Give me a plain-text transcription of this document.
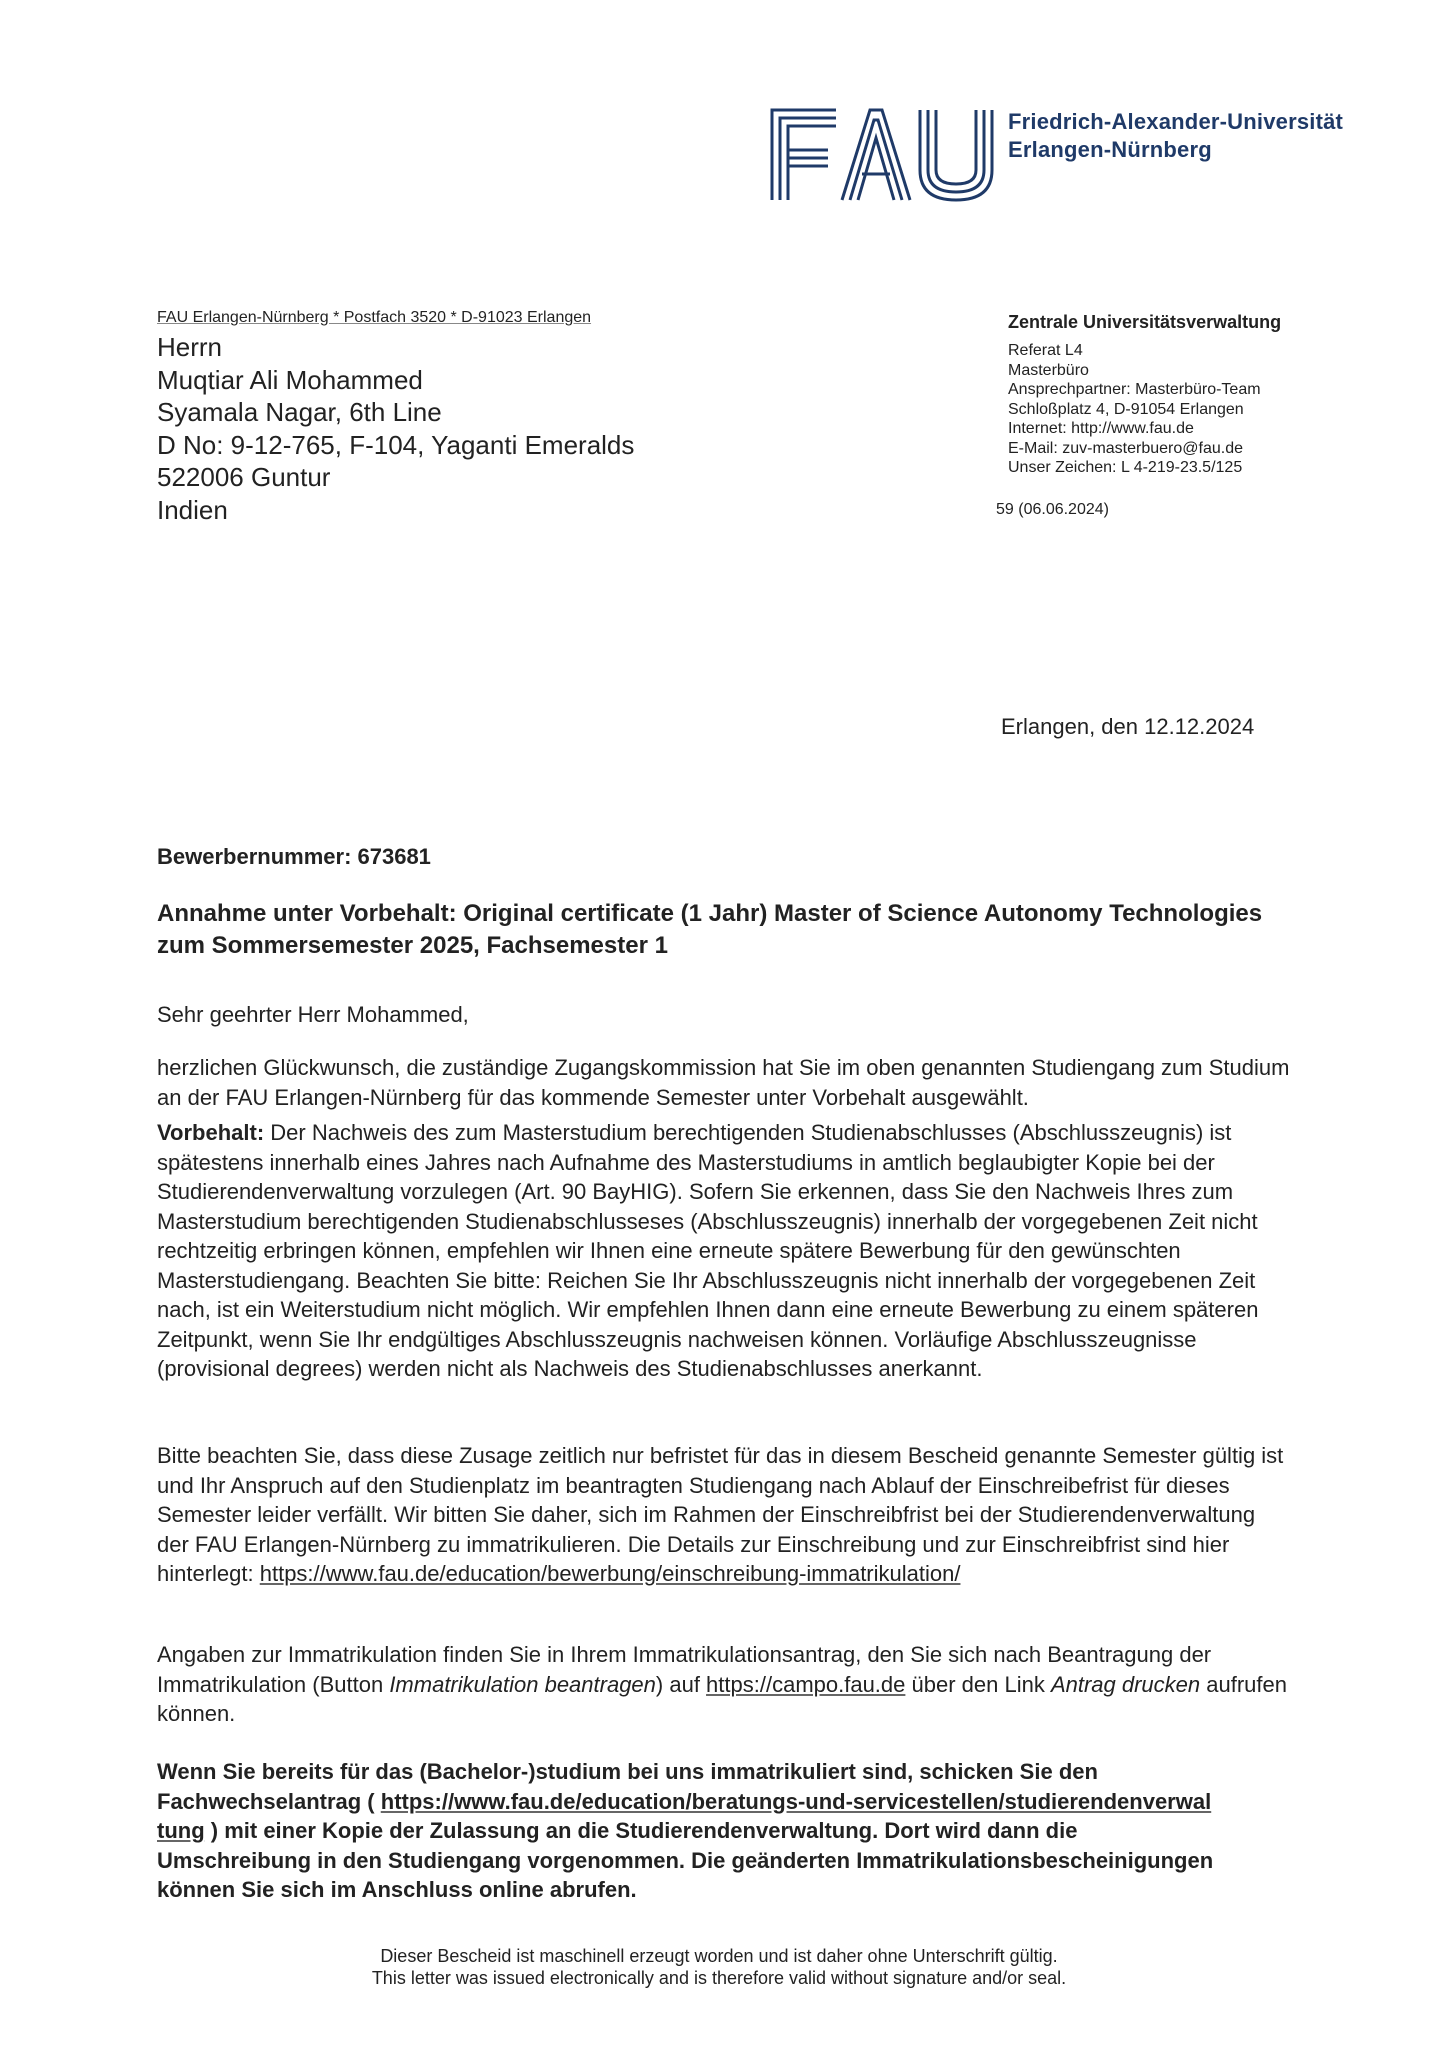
Friedrich-Alexander-Universität
Erlangen-Nürnberg
FAU Erlangen-Nürnberg * Postfach 3520 * D-91023 Erlangen
Herrn
Muqtiar Ali Mohammed
Syamala Nagar, 6th Line
D No: 9-12-765, F-104, Yaganti Emeralds
522006 Guntur
Indien
Zentrale Universitätsverwaltung
Referat L4
Masterbüro
Ansprechpartner: Masterbüro-Team
Schloßplatz 4, D-91054 Erlangen
Internet: http://www.fau.de
E-Mail: zuv-masterbuero@fau.de
Unser Zeichen: L 4-219-23.5/125
59 (06.06.2024)
Erlangen, den 12.12.2024
Bewerbernummer: 673681
Annahme unter Vorbehalt: Original certificate (1 Jahr) Master of Science Autonomy Technologies zum Sommersemester 2025, Fachsemester 1
Sehr geehrter Herr Mohammed,
herzlichen Glückwunsch, die zuständige Zugangskommission hat Sie im oben genannten Studiengang zum Studium an der FAU Erlangen-Nürnberg für das kommende Semester unter Vorbehalt ausgewählt.
Vorbehalt: Der Nachweis des zum Masterstudium berechtigenden Studienabschlusses (Abschlusszeugnis) ist spätestens innerhalb eines Jahres nach Aufnahme des Masterstudiums in amtlich beglaubigter Kopie bei der Studierendenverwaltung vorzulegen (Art. 90 BayHIG). Sofern Sie erkennen, dass Sie den Nachweis Ihres zum Masterstudium berechtigenden Studienabschlusseses (Abschlusszeugnis) innerhalb der vorgegebenen Zeit nicht rechtzeitig erbringen können, empfehlen wir Ihnen eine erneute spätere Bewerbung für den gewünschten Masterstudiengang. Beachten Sie bitte: Reichen Sie Ihr Abschlusszeugnis nicht innerhalb der vorgegebenen Zeit nach, ist ein Weiterstudium nicht möglich. Wir empfehlen Ihnen dann eine erneute Bewerbung zu einem späteren Zeitpunkt, wenn Sie Ihr endgültiges Abschlusszeugnis nachweisen können. Vorläufige Abschlusszeugnisse (provisional degrees) werden nicht als Nachweis des Studienabschlusses anerkannt.
Bitte beachten Sie, dass diese Zusage zeitlich nur befristet für das in diesem Bescheid genannte Semester gültig ist und Ihr Anspruch auf den Studienplatz im beantragten Studiengang nach Ablauf der Einschreibefrist für dieses Semester leider verfällt. Wir bitten Sie daher, sich im Rahmen der Einschreibfrist bei der Studierendenverwaltung der FAU Erlangen-Nürnberg zu immatrikulieren. Die Details zur Einschreibung und zur Einschreibfrist sind hier hinterlegt: https://www.fau.de/education/bewerbung/einschreibung-immatrikulation/
Angaben zur Immatrikulation finden Sie in Ihrem Immatrikulationsantrag, den Sie sich nach Beantragung der Immatrikulation (Button Immatrikulation beantragen) auf https://campo.fau.de über den Link Antrag drucken aufrufen können.
Wenn Sie bereits für das (Bachelor-)studium bei uns immatrikuliert sind, schicken Sie den Fachwechselantrag ( https://www.fau.de/education/beratungs-und-servicestellen/studierendenverwaltung ) mit einer Kopie der Zulassung an die Studierendenverwaltung. Dort wird dann die Umschreibung in den Studiengang vorgenommen. Die geänderten Immatrikulationsbescheinigungen können Sie sich im Anschluss online abrufen.
Dieser Bescheid ist maschinell erzeugt worden und ist daher ohne Unterschrift gültig.
This letter was issued electronically and is therefore valid without signature and/or seal.
